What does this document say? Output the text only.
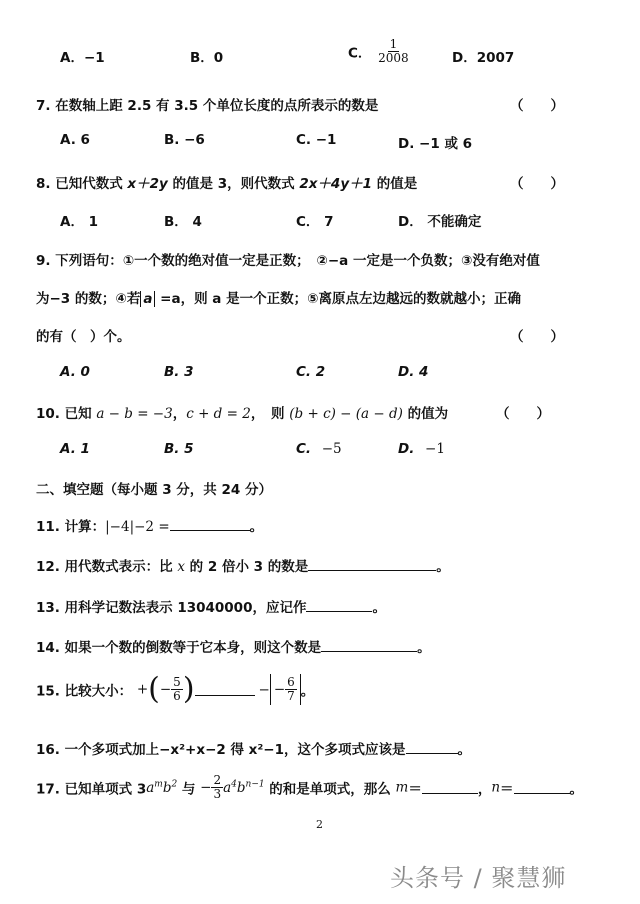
A．−1	B．0	C． $\frac{1}{2008}$	D．2007
7. 在数轴上距 2.5 有 3.5 个单位长度的点所表示的数是	（　　）
A. 6	B. −6	C. −1	D. −1 或 6
8. 已知代数式 x＋2y 的值是 3，则代数式 2x＋4y＋1 的值是	（　　）
A． 1	B． 4	C． 7	D． 不能确定
9. 下列语句：①一个数的绝对值一定是正数；　②−a 一定是一个负数；③没有绝对值
为−3 的数；④若 a =a，则 a 是一个正数；⑤离原点左边越远的数就越小；正确
的有（　）个。	（　　）
A. 0	B. 3	C. 2	D. 4
10. 已知 a − b = −3，c + d = 2，　则 (b + c) − (a − d) 的值为	（　　）
A. 1	B. 5	C. −5	D. −1
二、填空题（每小题 3 分，共 24 分）
11. 计算：|−4|−2 =	。
12. 用代数式表示：比 x 的 2 倍小 3 的数是	。
13. 用科学记数法表示 13040000，应记作	。
14. 如果一个数的倒数等于它本身，则这个数是	。
15. 比较大小： +(− $\frac{5}{6}$ )	− − $\frac{6}{7}$ 。
16. 一个多项式加上−x²+x−2 得 x²−1，这个多项式应该是	。
17. 已知单项式 $3a^mb^2$ 与 − $\frac{2}{3} a^4b^{n-1}$ 的和是单项式，那么 m＝	，n＝	。
2
头条号 / 聚慧狮
